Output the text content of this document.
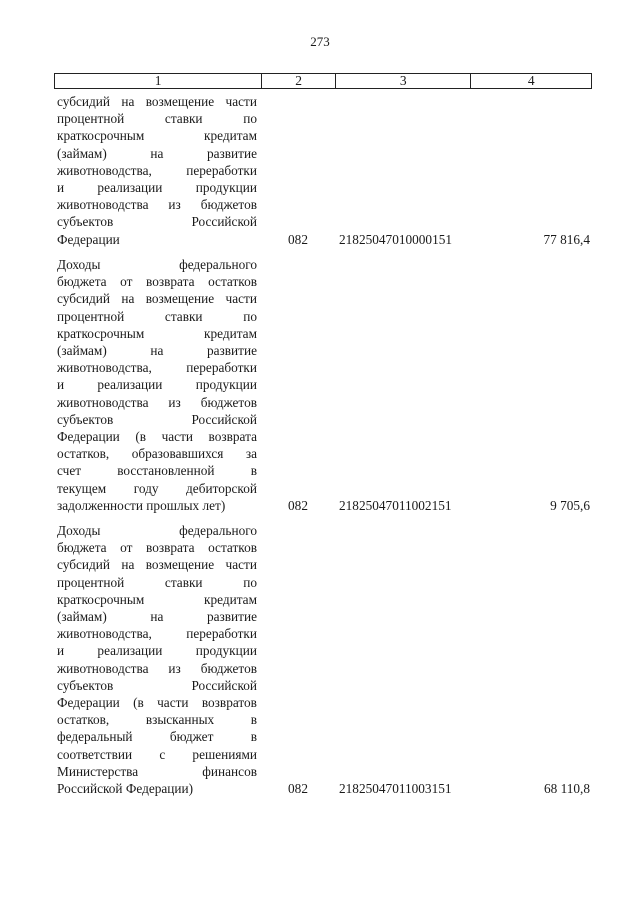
273
1	2	3	4
субсидий на возмещение части
процентной	ставки	по
краткосрочным	кредитам
(займам)	на	развитие
животноводства,	переработки
и	реализации	продукции
животноводства из бюджетов
субъектов	Российской
Федерации	082	21825047010000151	77 816,4
Доходы	федерального
бюджета от возврата остатков
субсидий на возмещение части
процентной	ставки	по
краткосрочным	кредитам
(займам)	на	развитие
животноводства,	переработки
и	реализации	продукции
животноводства из бюджетов
субъектов	Российской
Федерации (в части возврата
остатков, образовавшихся за
счет	восстановленной	в
текущем году дебиторской
задолженности прошлых лет)	082	21825047011002151	9 705,6
Доходы	федерального
бюджета от возврата остатков
субсидий на возмещение части
процентной	ставки	по
краткосрочным	кредитам
(займам)	на	развитие
животноводства,	переработки
и	реализации	продукции
животноводства из бюджетов
субъектов	Российской
Федерации (в части возвратов
остатков,	взысканных	в
федеральный	бюджет	в
соответствии с решениями
Министерства	финансов
Российской Федерации)	082	21825047011003151	68 110,8
